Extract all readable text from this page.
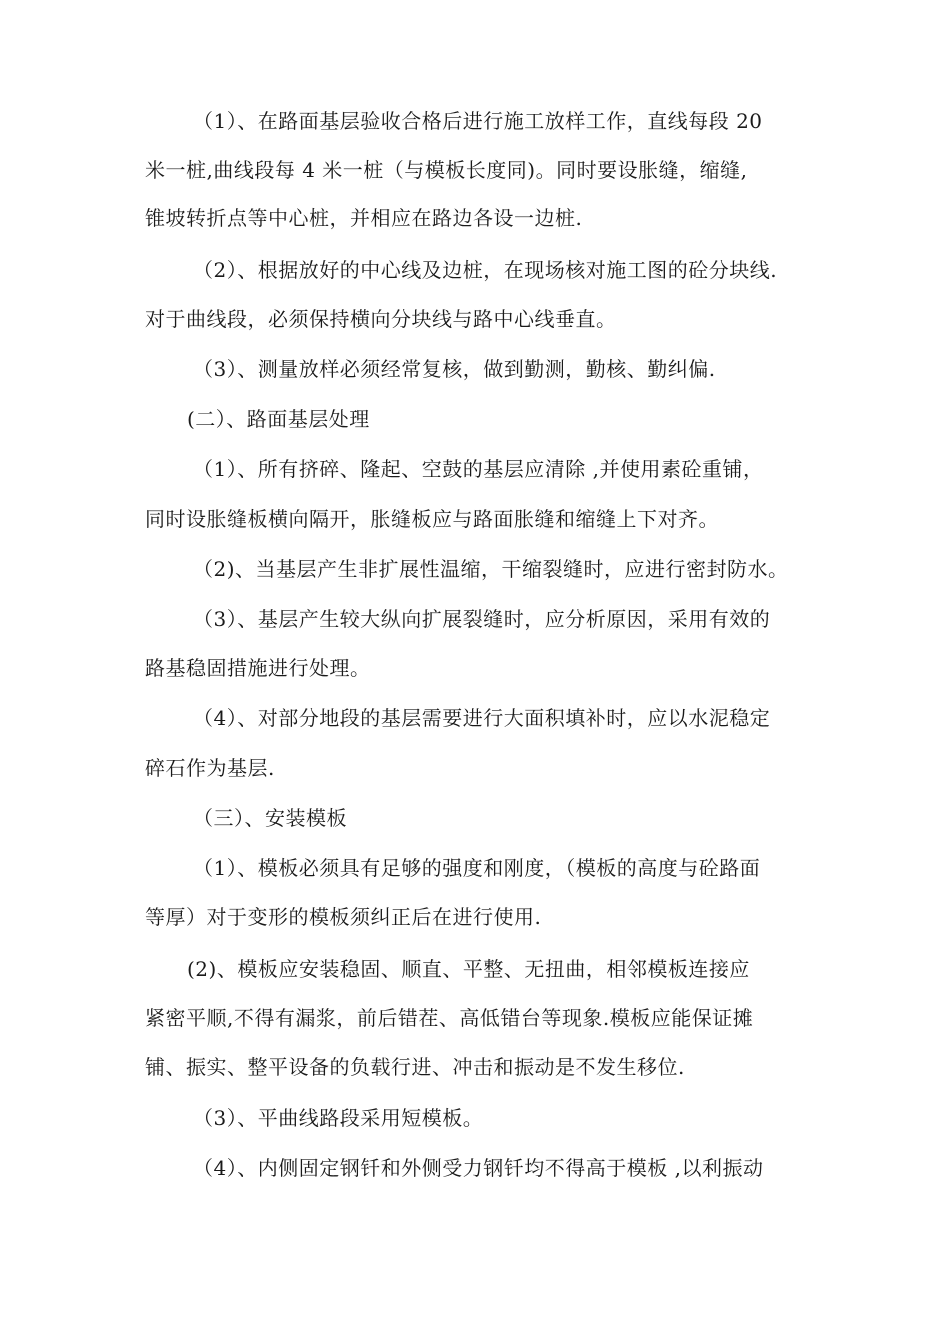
（1）、在路面基层验收合格后进行施工放样工作，直线每段 20
米一桩,曲线段每 4 米一桩（与模板长度同)。同时要设胀缝，缩缝,
锥坡转折点等中心桩，并相应在路边各设一边桩.
（2）、根据放好的中心线及边桩，在现场核对施工图的砼分块线.
对于曲线段，必须保持横向分块线与路中心线垂直。
（3）、测量放样必须经常复核，做到勤测，勤核、勤纠偏.
(二）、路面基层处理
（1）、所有挤碎、隆起、空鼓的基层应清除 ,并使用素砼重铺，
同时设胀缝板横向隔开，胀缝板应与路面胀缝和缩缝上下对齐。
（2)、当基层产生非扩展性温缩，干缩裂缝时，应进行密封防水。
（3）、基层产生较大纵向扩展裂缝时，应分析原因，采用有效的
路基稳固措施进行处理。
（4）、对部分地段的基层需要进行大面积填补时，应以水泥稳定
碎石作为基层.
（三）、安装模板
（1）、模板必须具有足够的强度和刚度，（模板的高度与砼路面
等厚）对于变形的模板须纠正后在进行使用.
(2)、模板应安装稳固、顺直、平整、无扭曲，相邻模板连接应
紧密平顺,不得有漏浆，前后错茬、高低错台等现象.模板应能保证摊
铺、振实、整平设备的负载行进、冲击和振动是不发生移位.
（3）、平曲线路段采用短模板。
（4）、内侧固定钢钎和外侧受力钢钎均不得高于模板 ,以利振动
